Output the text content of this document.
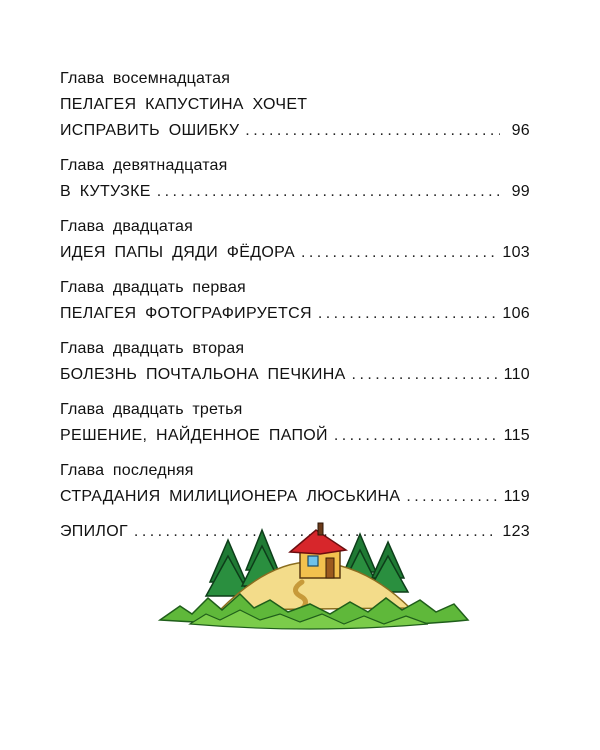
Глава восемнадцатая
ПЕЛАГЕЯ КАПУСТИНА ХОЧЕТ
ИСПРАВИТЬ ОШИБКУ . . .	96
Глава девятнадцатая
В КУТУЗКЕ . . .	99
Глава двадцатая
ИДЕЯ ПАПЫ ДЯДИ ФЁДОРА . . .	103
Глава двадцать первая
ПЕЛАГЕЯ ФОТОГРАФИРУЕТСЯ . . .	106
Глава двадцать вторая
БОЛЕЗНЬ ПОЧТАЛЬОНА ПЕЧКИНА . . .	110
Глава двадцать третья
РЕШЕНИЕ, НАЙДЕННОЕ ПАПОЙ . . .	115
Глава последняя
СТРАДАНИЯ МИЛИЦИОНЕРА ЛЮСЬКИНА . . .	119
ЭПИЛОГ . . .	123
